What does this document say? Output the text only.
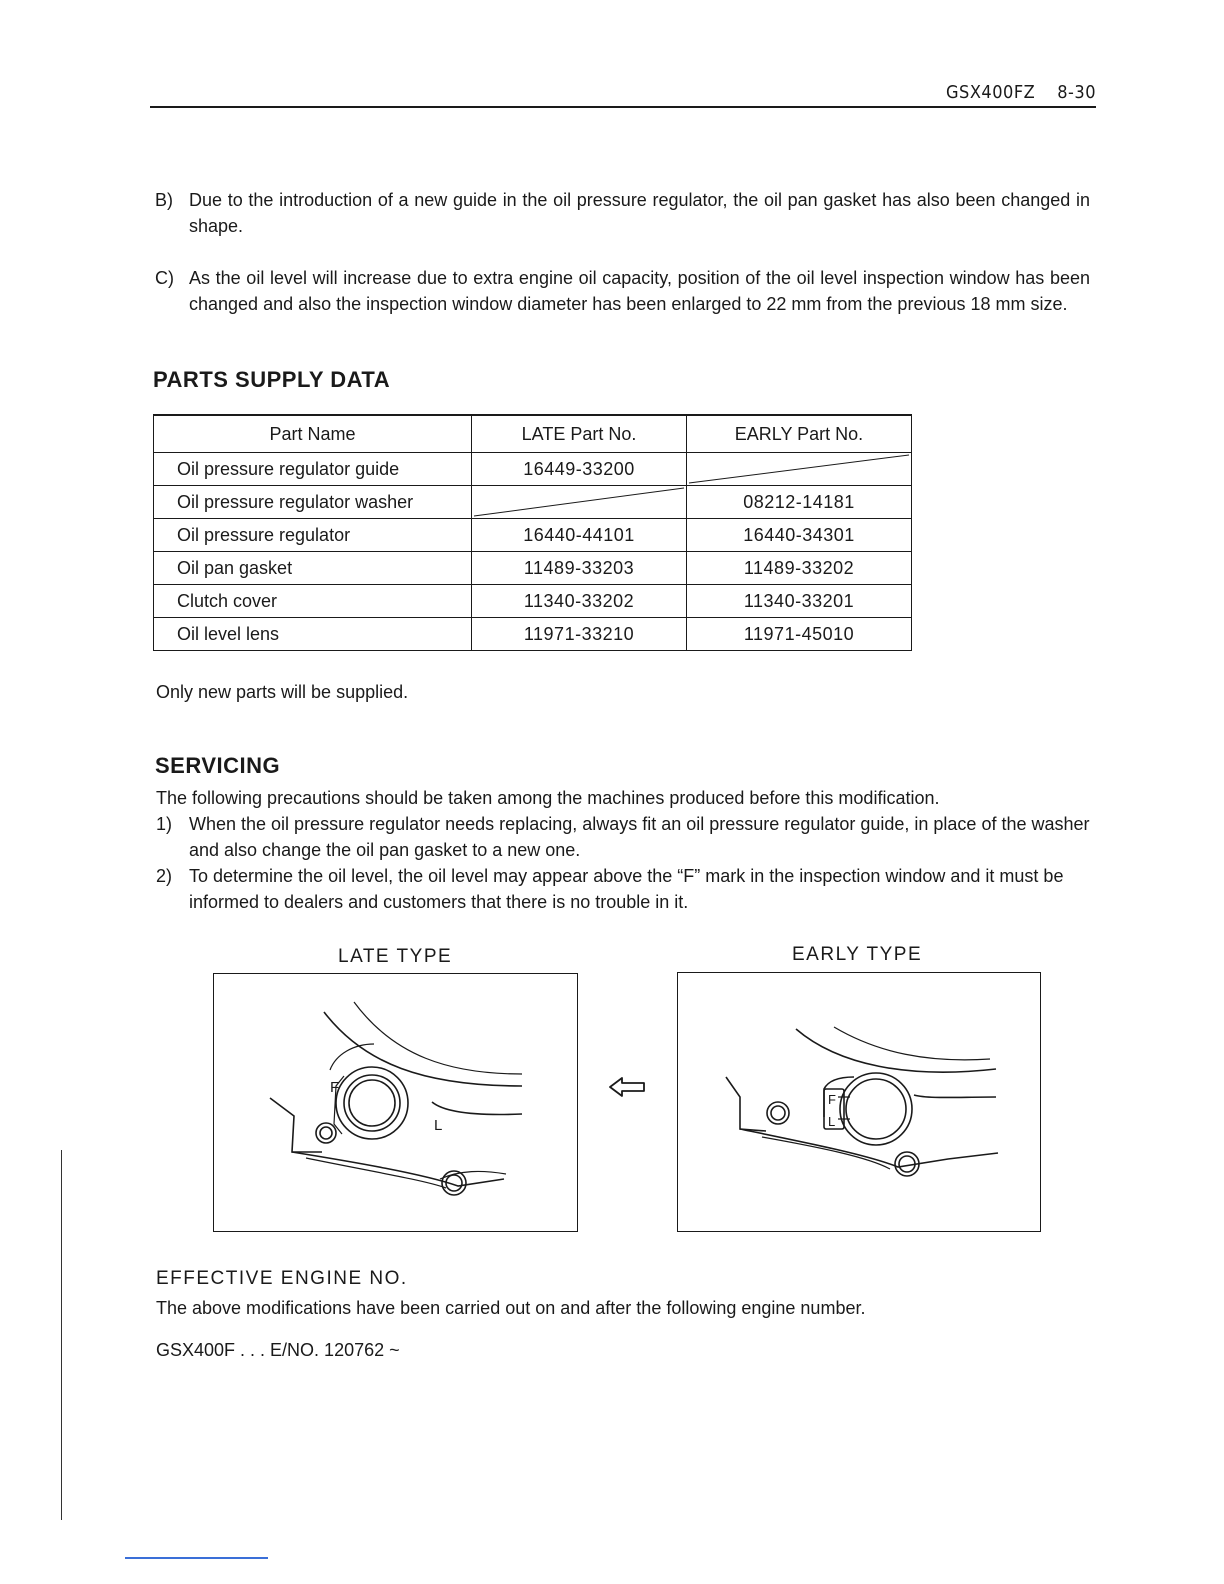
GSX400FZ 8-30
B) Due to the introduction of a new guide in the oil pressure regulator, the oil pan gasket has also been changed in shape.
C) As the oil level will increase due to extra engine oil capacity, position of the oil level inspection window has been changed and also the inspection window diameter has been enlarged to 22 mm from the previous 18 mm size.
PARTS SUPPLY DATA
Part Name	LATE Part No.	EARLY Part No.
Oil pressure regulator guide	16449-33200	

Oil pressure regulator washer		08212-14181
Oil pressure regulator	16440-44101	16440-34301
Oil pan gasket	11489-33203	11489-33202
Clutch cover	11340-33202	11340-33201
Oil level lens	11971-33210	11971-45010
Only new parts will be supplied.
SERVICING
The following precautions should be taken among the machines produced before this modification.
1) When the oil pressure regulator needs replacing, always fit an oil pressure regulator guide, in place of the washer and also change the oil pan gasket to a new one.
2) To determine the oil level, the oil level may appear above the “F” mark in the inspection window and it must be informed to dealers and customers that there is no trouble in it.
LATE TYPE	EARLY TYPE
F
L
F
L
EFFECTIVE ENGINE NO.
The above modifications have been carried out on and after the following engine number.
GSX400F . . . E/NO. 120762 ~
